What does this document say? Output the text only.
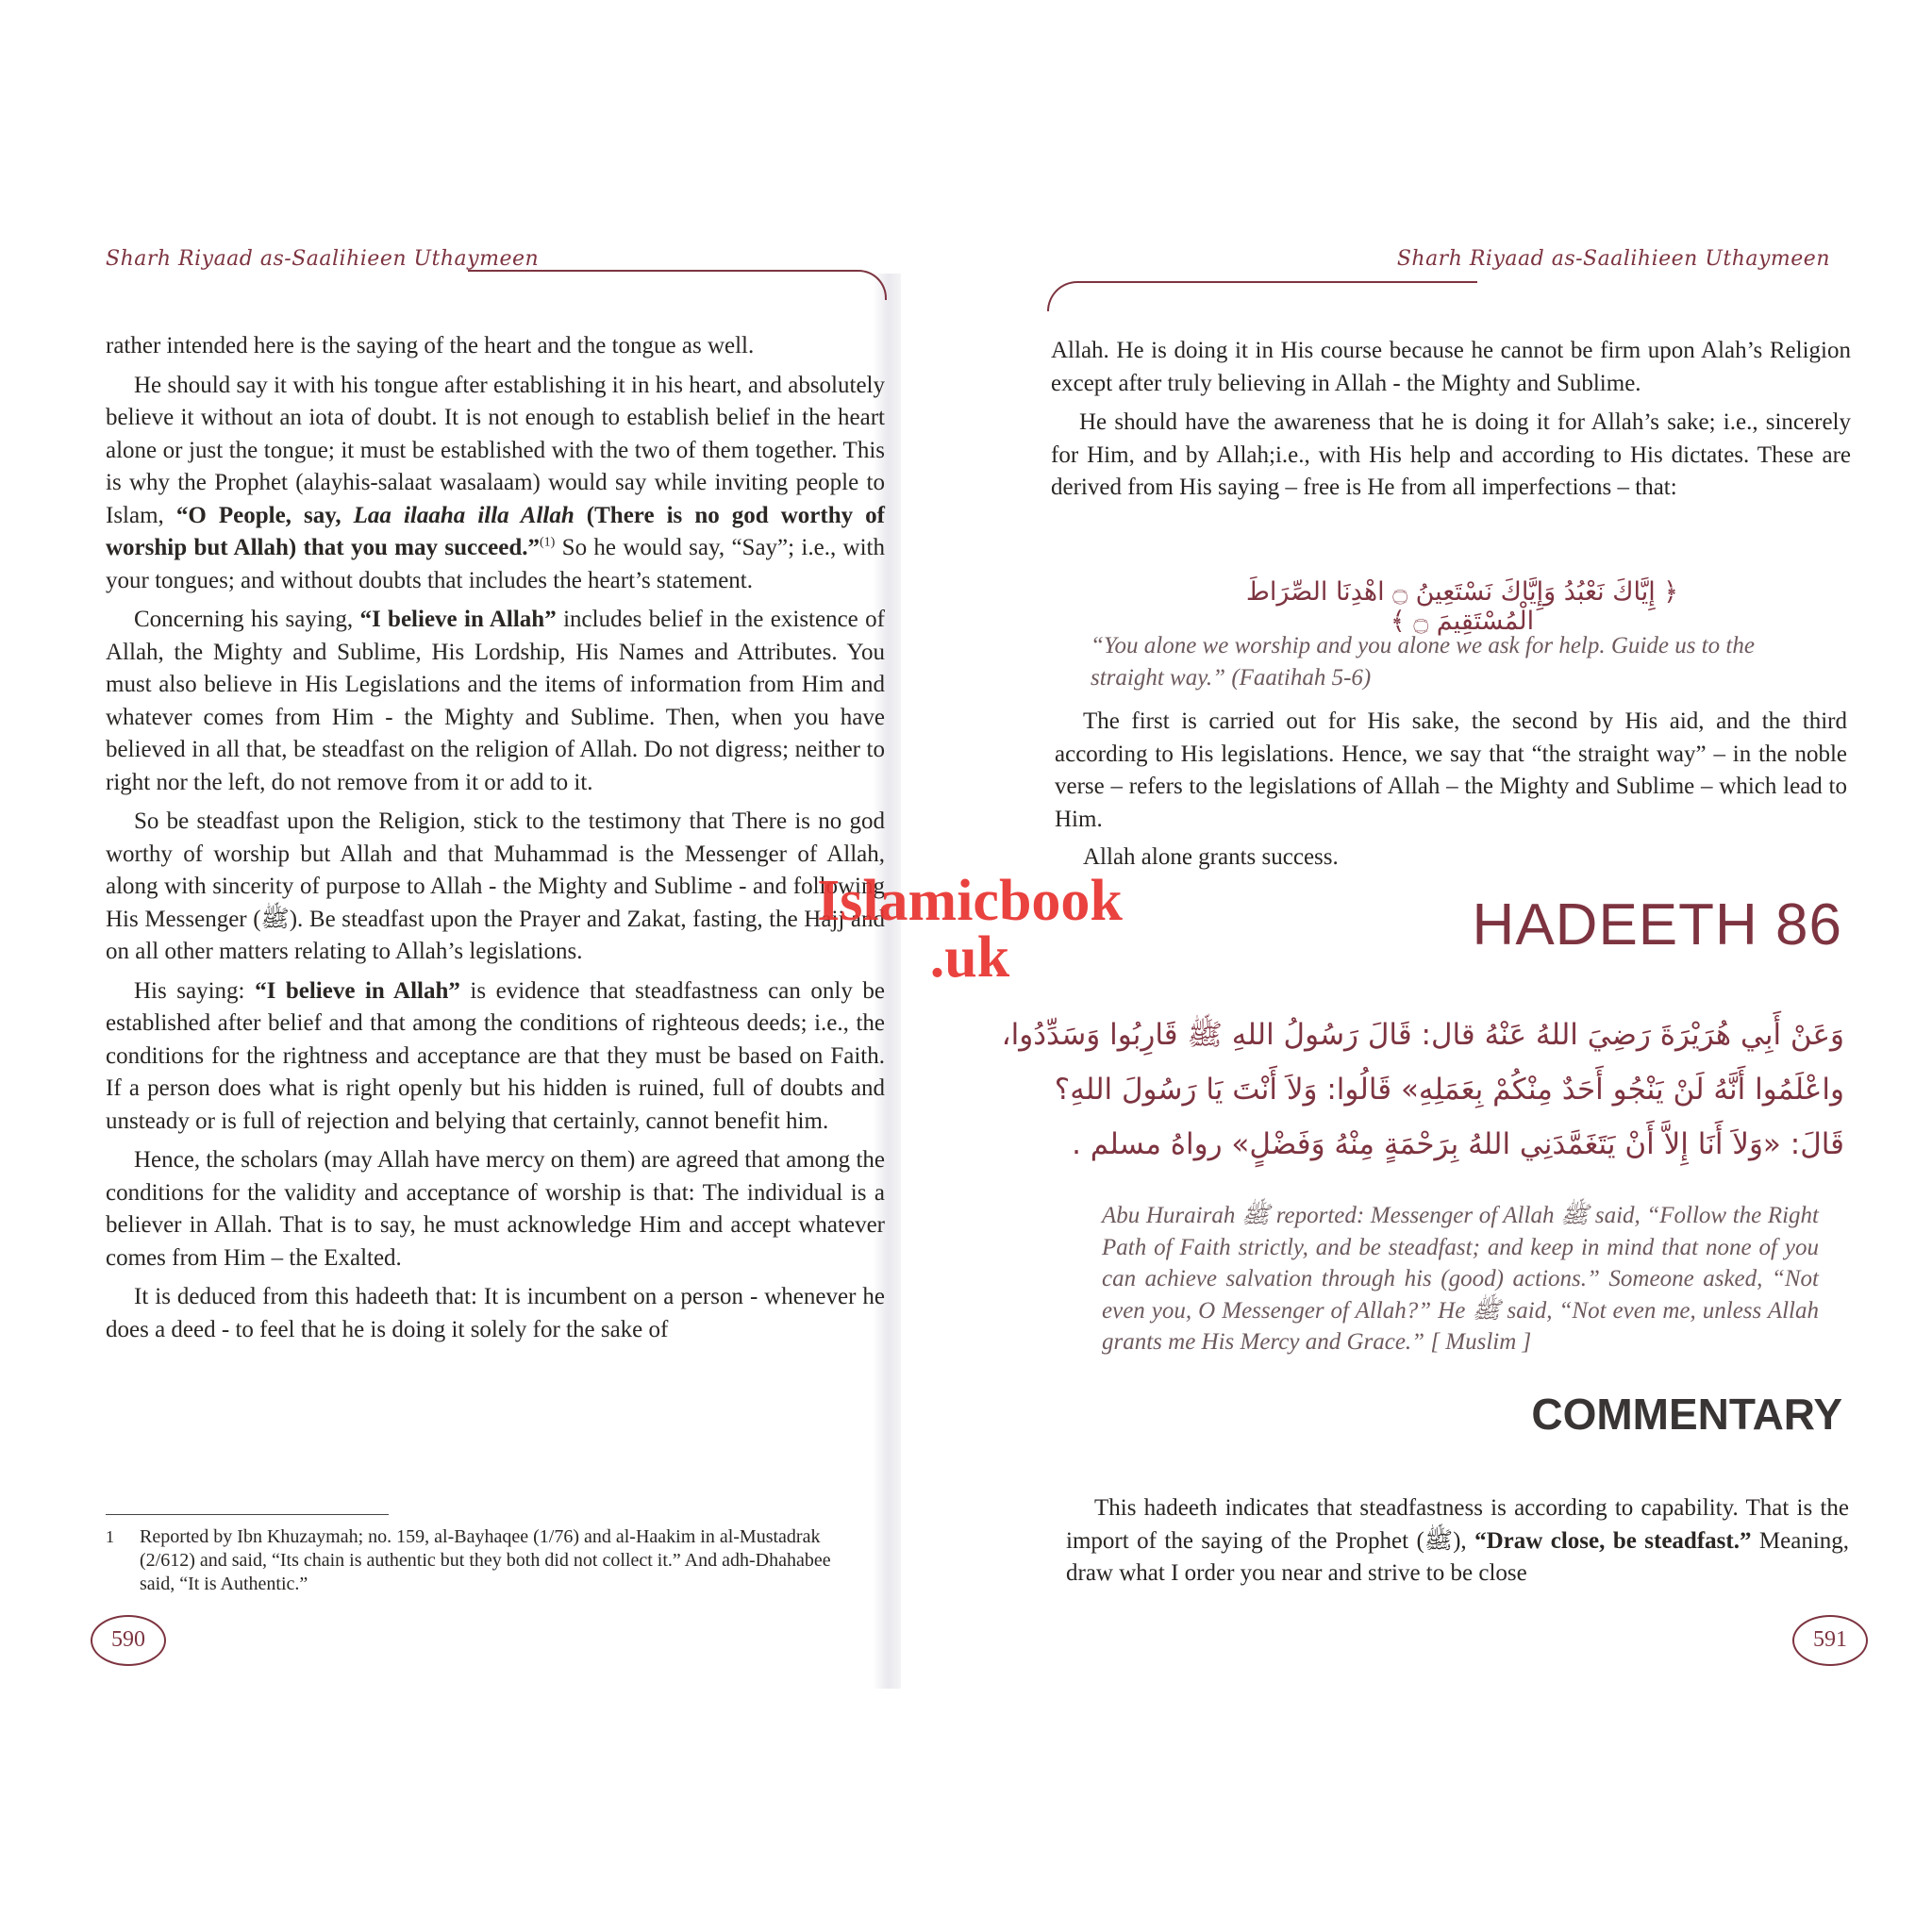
Sharh Riyaad as-Saalihieen Uthaymeen

rather intended here is the saying of the heart and the tongue as well.

He should say it with his tongue after establishing it in his heart, and absolutely believe it without an iota of doubt. It is not enough to establish belief in the heart alone or just the tongue; it must be established with the two of them together. This is why the Prophet (alayhis-salaat wasalaam) would say while inviting people to Islam, “O People, say, Laa ilaaha illa Allah (There is no god worthy of worship but Allah) that you may succeed.”$^{(1)}$ So he would say, “Say”; i.e., with your tongues; and without doubts that includes the heart’s statement.

Concerning his saying, “I believe in Allah” includes belief in the existence of Allah, the Mighty and Sublime, His Lordship, His Names and Attributes. You must also believe in His Legislations and the items of information from Him and whatever comes from Him - the Mighty and Sublime. Then, when you have believed in all that, be steadfast on the religion of Allah. Do not digress; neither to right nor the left, do not remove from it or add to it.

So be steadfast upon the Religion, stick to the testimony that There is no god worthy of worship but Allah and that Muhammad is the Messenger of Allah, along with sincerity of purpose to Allah - the Mighty and Sublime - and following His Messenger (ﷺ). Be steadfast upon the Prayer and Zakat, fasting, the Hajj and on all other matters relating to Allah’s legislations.

His saying: “I believe in Allah” is evidence that steadfastness can only be established after belief and that among the conditions of righteous deeds; i.e., the conditions for the rightness and acceptance are that they must be based on Faith. If a person does what is right openly but his hidden is ruined, full of doubts and unsteady or is full of rejection and belying that certainly, cannot benefit him.

Hence, the scholars (may Allah have mercy on them) are agreed that among the conditions for the validity and acceptance of worship is that: The individual is a believer in Allah. That is to say, he must acknowledge Him and accept whatever comes from Him – the Exalted.

It is deduced from this hadeeth that: It is incumbent on a person - whenever he does a deed - to feel that he is doing it solely for the sake of

1	Reported by Ibn Khuzaymah; no. 159, al-Bayhaqee (1/76) and al-Haakim in al-Mustadrak (2/612) and said, “Its chain is authentic but they both did not collect it.” And adh-Dhahabee said, “It is Authentic.”
590
Sharh Riyaad as-Saalihieen Uthaymeen

Allah. He is doing it in His course because he cannot be firm upon Alah’s Religion except after truly believing in Allah - the Mighty and Sublime.

He should have the awareness that he is doing it for Allah’s sake; i.e., sincerely for Him, and by Allah;i.e., with His help and according to His dictates. These are derived from His saying – free is He from all imperfections – that:

﴿ إِيَّاكَ نَعْبُدُ وَإِيَّاكَ نَسْتَعِينُ ۝ اهْدِنَا الصِّرَاطَ الْمُسْتَقِيمَ ۝ ﴾
“You alone we worship and you alone we ask for help. Guide us to the straight way.” (Faatihah 5-6)

The first is carried out for His sake, the second by His aid, and the third according to His legislations. Hence, we say that “the straight way” – in the noble verse – refers to the legislations of Allah – the Mighty and Sublime – which lead to Him.

Allah alone grants success.

HADEETH 86
وَعَنْ أَبِي هُرَيْرَةَ رَضِيَ اللهُ عَنْهُ قال: قَالَ رَسُولُ اللهِ ﷺ قَارِبُوا وَسَدِّدُوا،
واعْلَمُوا أَنَّهُ لَنْ يَنْجُو أَحَدٌ مِنْكُمْ بِعَمَلِهِ» قَالُوا: وَلاَ أَنْتَ يَا رَسُولَ اللهِ؟
قَالَ: «وَلاَ أَنَا إِلاَّ أَنْ يَتَغَمَّدَنِي اللهُ بِرَحْمَةٍ مِنْهُ وَفَضْلٍ» رواهُ مسلم .
Abu Hurairah ﷺ reported: Messenger of Allah ﷺ said, “Follow the Right Path of Faith strictly, and be steadfast; and keep in mind that none of you can achieve salvation through his (good) actions.” Someone asked, “Not even you, O Messenger of Allah?” He ﷺ said, “Not even me, unless Allah grants me His Mercy and Grace.” [ Muslim ]
COMMENTARY

This hadeeth indicates that steadfastness is according to capability. That is the import of the saying of the Prophet (ﷺ), “Draw close, be steadfast.” Meaning, draw what I order you near and strive to be close

591
Islamicbook
.uk
